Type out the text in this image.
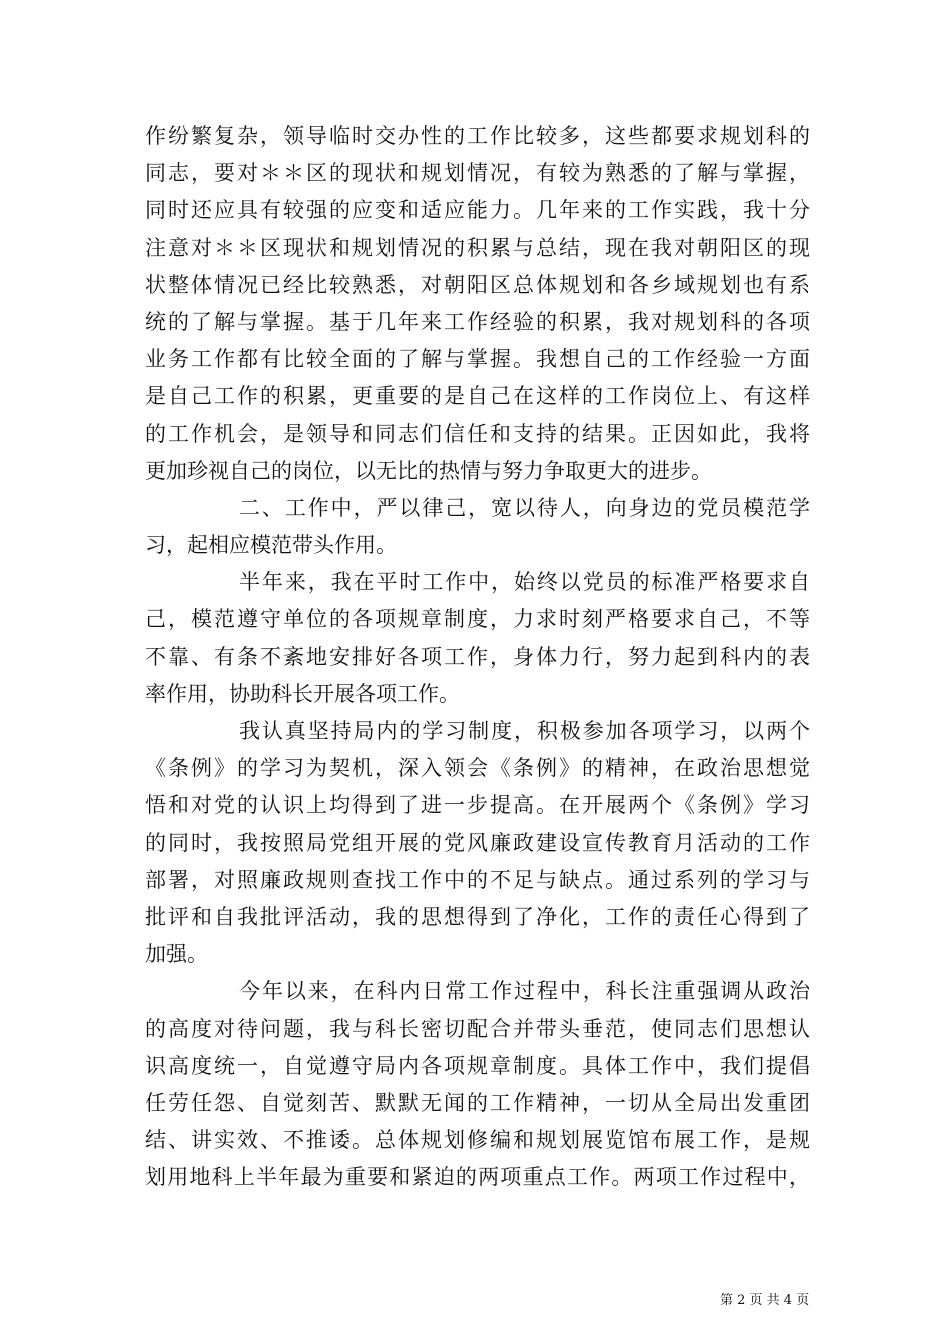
作纷繁复杂，领导临时交办性的工作比较多，这些都要求规划科的
同志，要对＊＊区的现状和规划情况，有较为熟悉的了解与掌握，
同时还应具有较强的应变和适应能力。几年来的工作实践，我十分
注意对＊＊区现状和规划情况的积累与总结，现在我对朝阳区的现
状整体情况已经比较熟悉，对朝阳区总体规划和各乡域规划也有系
统的了解与掌握。基于几年来工作经验的积累，我对规划科的各项
业务工作都有比较全面的了解与掌握。我想自己的工作经验一方面
是自己工作的积累，更重要的是自己在这样的工作岗位上、有这样
的工作机会，是领导和同志们信任和支持的结果。正因如此，我将
更加珍视自己的岗位，以无比的热情与努力争取更大的进步。
二、工作中，严以律己，宽以待人，向身边的党员模范学
习，起相应模范带头作用。
半年来，我在平时工作中，始终以党员的标准严格要求自
己，模范遵守单位的各项规章制度，力求时刻严格要求自己，不等
不靠、有条不紊地安排好各项工作，身体力行，努力起到科内的表
率作用，协助科长开展各项工作。
我认真坚持局内的学习制度，积极参加各项学习，以两个
《条例》的学习为契机，深入领会《条例》的精神，在政治思想觉
悟和对党的认识上均得到了进一步提高。在开展两个《条例》学习
的同时，我按照局党组开展的党风廉政建设宣传教育月活动的工作
部署，对照廉政规则查找工作中的不足与缺点。通过系列的学习与
批评和自我批评活动，我的思想得到了净化，工作的责任心得到了
加强。
今年以来，在科内日常工作过程中，科长注重强调从政治
的高度对待问题，我与科长密切配合并带头垂范，使同志们思想认
识高度统一，自觉遵守局内各项规章制度。具体工作中，我们提倡
任劳任怨、自觉刻苦、默默无闻的工作精神，一切从全局出发重团
结、讲实效、不推诿。总体规划修编和规划展览馆布展工作，是规
划用地科上半年最为重要和紧迫的两项重点工作。两项工作过程中，
第 2 页 共 4 页
